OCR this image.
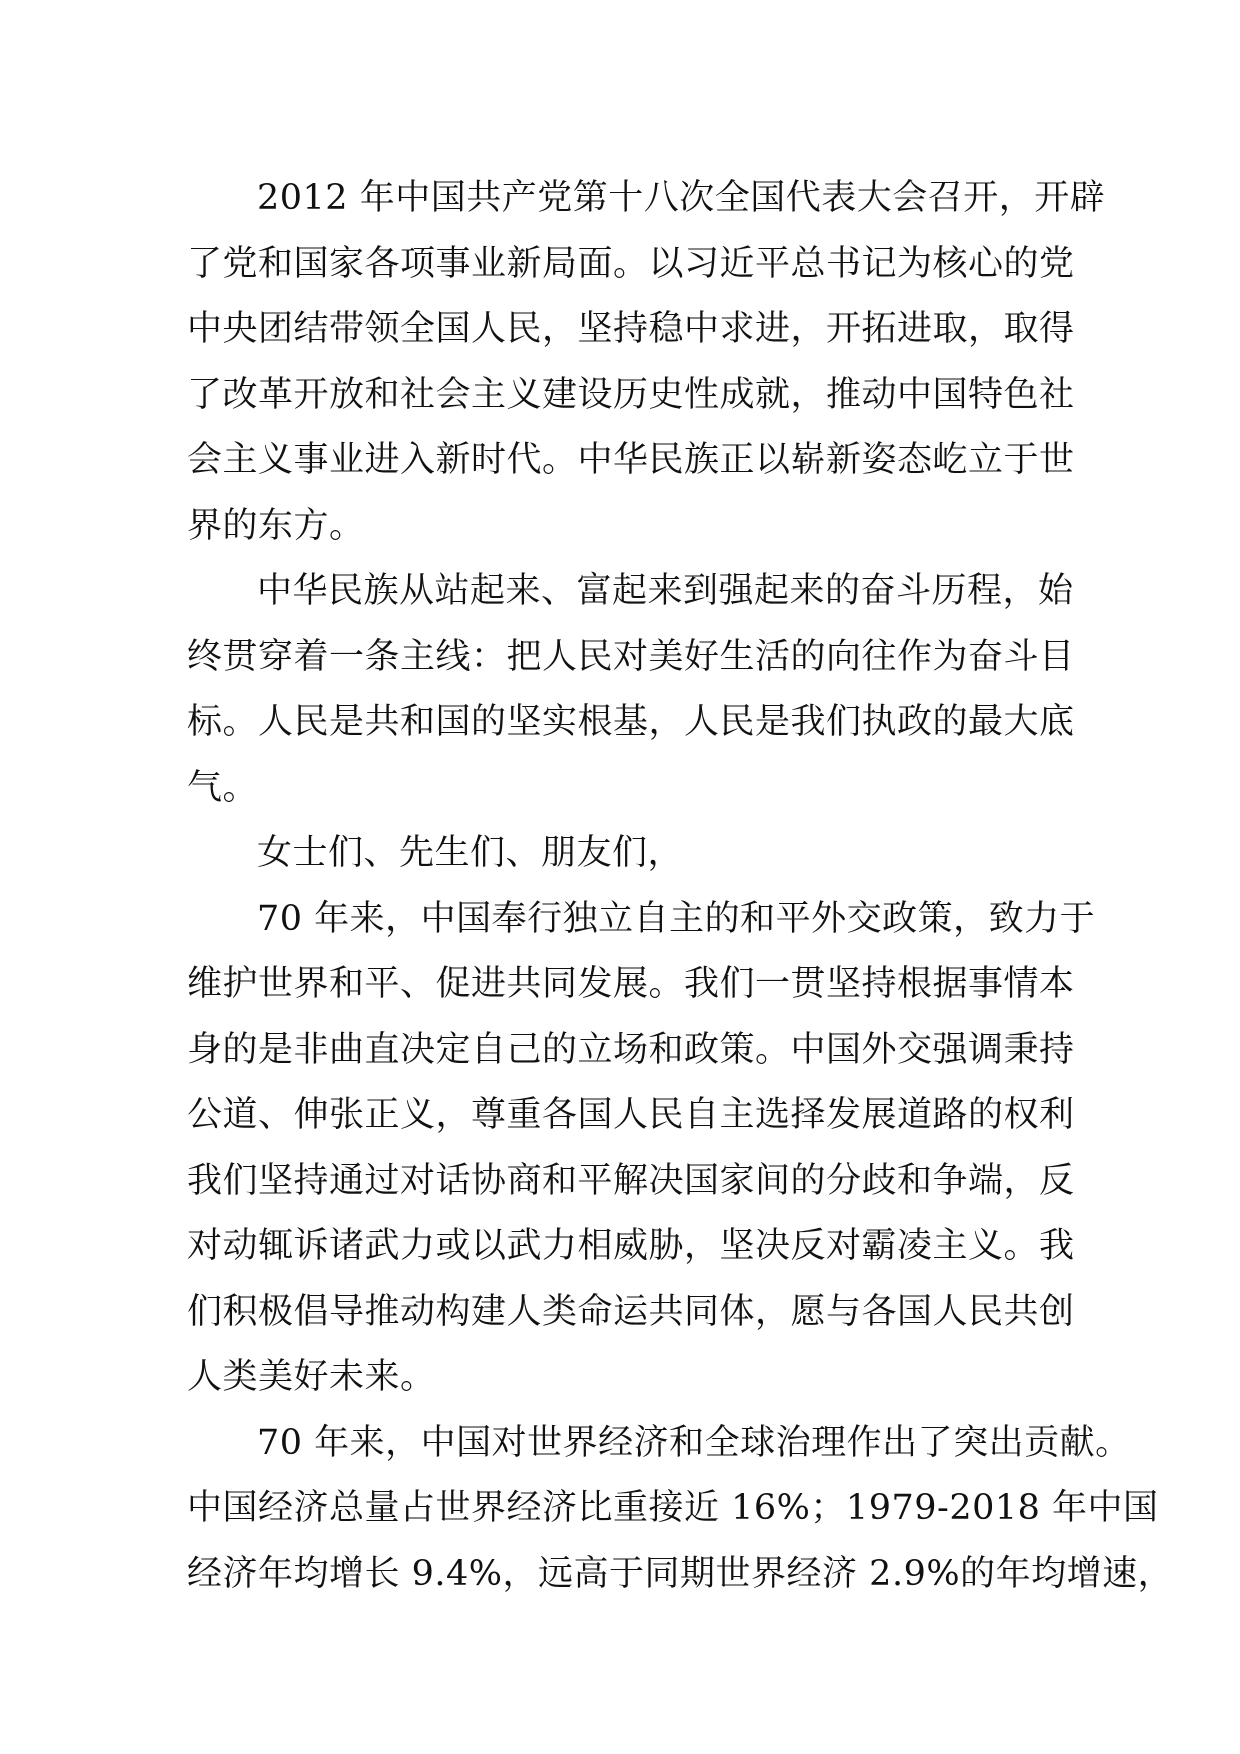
2012 年中国共产党第十八次全国代表大会召开，开辟
了党和国家各项事业新局面。以习近平总书记为核心的党
中央团结带领全国人民，坚持稳中求进，开拓进取，取得
了改革开放和社会主义建设历史性成就，推动中国特色社
会主义事业进入新时代。中华民族正以崭新姿态屹立于世
界的东方。
中华民族从站起来、富起来到强起来的奋斗历程，始
终贯穿着一条主线：把人民对美好生活的向往作为奋斗目
标。人民是共和国的坚实根基，人民是我们执政的最大底
气。
女士们、先生们、朋友们，
70 年来，中国奉行独立自主的和平外交政策，致力于
维护世界和平、促进共同发展。我们一贯坚持根据事情本
身的是非曲直决定自己的立场和政策。中国外交强调秉持
公道、伸张正义，尊重各国人民自主选择发展道路的权利
我们坚持通过对话协商和平解决国家间的分歧和争端，反
对动辄诉诸武力或以武力相威胁，坚决反对霸凌主义。我
们积极倡导推动构建人类命运共同体，愿与各国人民共创
人类美好未来。
70 年来，中国对世界经济和全球治理作出了突出贡献。
中国经济总量占世界经济比重接近 16%；1979-2018 年中国
经济年均增长 9.4%，远高于同期世界经济 2.9%的年均增速，
